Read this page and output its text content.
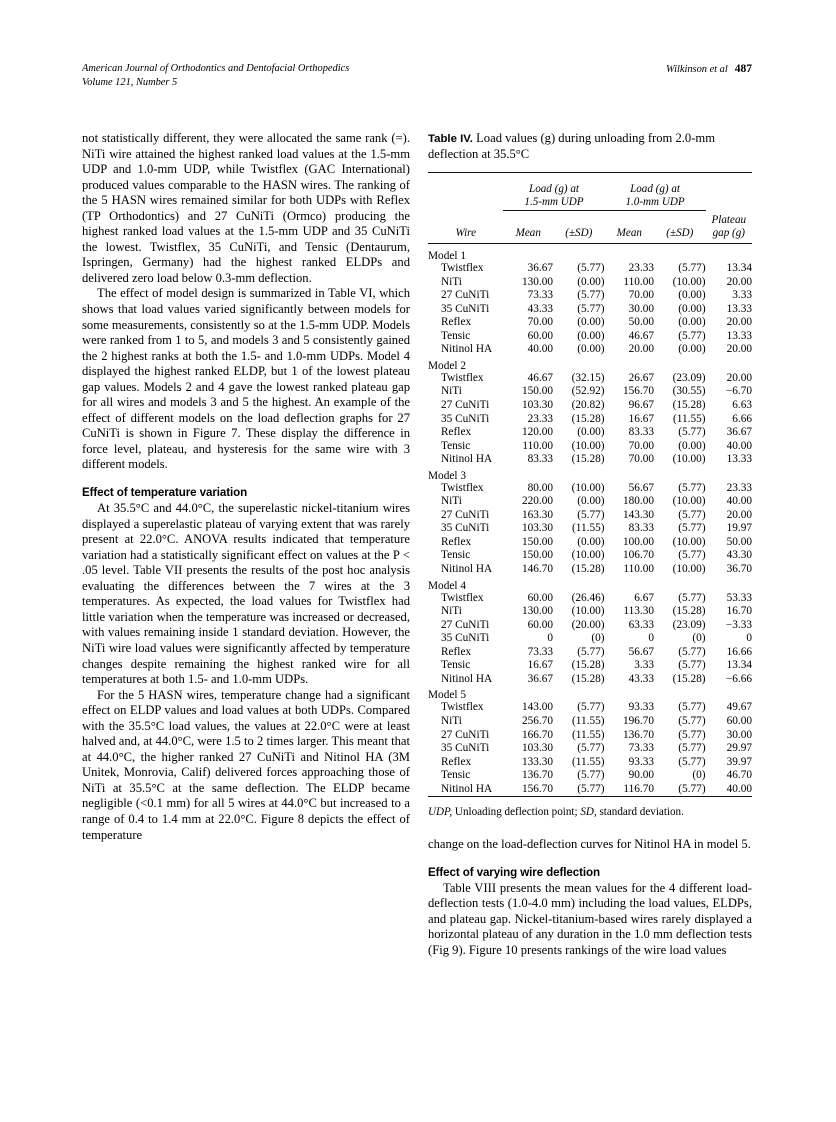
American Journal of Orthodontics and Dentofacial Orthopedics
Volume 121, Number 5
Wilkinson et al 487

not statistically different, they were allocated the same rank (=). NiTi wire attained the highest ranked load values at the 1.5-mm UDP and 1.0-mm UDP, while Twistflex (GAC International) produced values comparable to the HASN wires. The ranking of the 5 HASN wires remained similar for both UDPs with Reflex (TP Orthodontics) and 27 CuNiTi (Ormco) producing the highest ranked load values at the 1.5-mm UDP and 35 CuNiTi the lowest. Twistflex, 35 CuNiTi, and Tensic (Dentaurum, Ispringen, Germany) had the highest ranked ELDPs and delivered zero load below 0.3-mm deflection.

The effect of model design is summarized in Table VI, which shows that load values varied significantly between models for some measurements, consistently so at the 1.5-mm UDP. Models were ranked from 1 to 5, and models 3 and 5 consistently gained the 2 highest ranks at both the 1.5- and 1.0-mm UDPs. Model 4 displayed the highest ranked ELDP, but 1 of the lowest plateau gap values. Models 2 and 4 gave the lowest ranked plateau gap for all wires and models 3 and 5 the highest. An example of the effect of different models on the load deflection graphs for 27 CuNiTi is shown in Figure 7. These display the difference in force level, plateau, and hysteresis for the same wire with 3 different models.

Effect of temperature variation

At 35.5°C and 44.0°C, the superelastic nickel-titanium wires displayed a superelastic plateau of varying extent that was rarely present at 22.0°C. ANOVA results indicated that temperature variation had a statistically significant effect on values at the P < .05 level. Table VII presents the results of the post hoc analysis evaluating the differences between the 7 wires at the 3 temperatures. As expected, the load values for Twistflex had little variation when the temperature was increased or decreased, with values remaining inside 1 standard deviation. However, the NiTi wire load values were significantly affected by temperature changes despite remaining the highest ranked wire for all temperatures at both 1.5- and 1.0-mm UDPs.

For the 5 HASN wires, temperature change had a significant effect on ELDP values and load values at both UDPs. Compared with the 35.5°C load values, the values at 22.0°C were at least halved and, at 44.0°C, were 1.5 to 2 times larger. This meant that at 44.0°C, the higher ranked 27 CuNiTi and Nitinol HA (3M Unitek, Monrovia, Calif) delivered forces approaching those of NiTi at 35.5°C at the same deflection. The ELDP became negligible (<0.1 mm) for all 5 wires at 44.0°C but increased to a range of 0.4 to 1.4 mm at 22.0°C. Figure 8 depicts the effect of temperature

Table IV. Load values (g) during unloading from 2.0-mm deflection at 35.5°C

	Load (g) at
1.5-mm UDP		Load (g) at
1.0-mm UDP		
Wire	Mean	(±SD)	Mean	(±SD)	Plateau
gap (g)

Model 1					
Twistflex	36.67	(5.77)	23.33	(5.77)	13.34
NiTi	130.00	(0.00)	110.00	(10.00)	20.00
27 CuNiTi	73.33	(5.77)	70.00	(0.00)	3.33
35 CuNiTi	43.33	(5.77)	30.00	(0.00)	13.33
Reflex	70.00	(0.00)	50.00	(0.00)	20.00
Tensic	60.00	(0.00)	46.67	(5.77)	13.33
Nitinol HA	40.00	(0.00)	20.00	(0.00)	20.00
Model 2					
Twistflex	46.67	(32.15)	26.67	(23.09)	20.00
NiTi	150.00	(52.92)	156.70	(30.55)	−6.70
27 CuNiTi	103.30	(20.82)	96.67	(15.28)	6.63
35 CuNiTi	23.33	(15.28)	16.67	(11.55)	6.66
Reflex	120.00	(0.00)	83.33	(5.77)	36.67
Tensic	110.00	(10.00)	70.00	(0.00)	40.00
Nitinol HA	83.33	(15.28)	70.00	(10.00)	13.33
Model 3					
Twistflex	80.00	(10.00)	56.67	(5.77)	23.33
NiTi	220.00	(0.00)	180.00	(10.00)	40.00
27 CuNiTi	163.30	(5.77)	143.30	(5.77)	20.00
35 CuNiTi	103.30	(11.55)	83.33	(5.77)	19.97
Reflex	150.00	(0.00)	100.00	(10.00)	50.00
Tensic	150.00	(10.00)	106.70	(5.77)	43.30
Nitinol HA	146.70	(15.28)	110.00	(10.00)	36.70
Model 4					
Twistflex	60.00	(26.46)	6.67	(5.77)	53.33
NiTi	130.00	(10.00)	113.30	(15.28)	16.70
27 CuNiTi	60.00	(20.00)	63.33	(23.09)	−3.33
35 CuNiTi	0	(0)	0	(0)	0
Reflex	73.33	(5.77)	56.67	(5.77)	16.66
Tensic	16.67	(15.28)	3.33	(5.77)	13.34
Nitinol HA	36.67	(15.28)	43.33	(15.28)	−6.66
Model 5					
Twistflex	143.00	(5.77)	93.33	(5.77)	49.67
NiTi	256.70	(11.55)	196.70	(5.77)	60.00
27 CuNiTi	166.70	(11.55)	136.70	(5.77)	30.00
35 CuNiTi	103.30	(5.77)	73.33	(5.77)	29.97
Reflex	133.30	(11.55)	93.33	(5.77)	39.97
Tensic	136.70	(5.77)	90.00	(0)	46.70
Nitinol HA	156.70	(5.77)	116.70	(5.77)	40.00

UDP, Unloading deflection point; SD, standard deviation.

change on the load-deflection curves for Nitinol HA in model 5.

Effect of varying wire deflection

Table VIII presents the mean values for the 4 different load-deflection tests (1.0-4.0 mm) including the load values, ELDPs, and plateau gap. Nickel-titanium-based wires rarely displayed a horizontal plateau of any duration in the 1.0 mm deflection tests (Fig 9). Figure 10 presents rankings of the wire load values
